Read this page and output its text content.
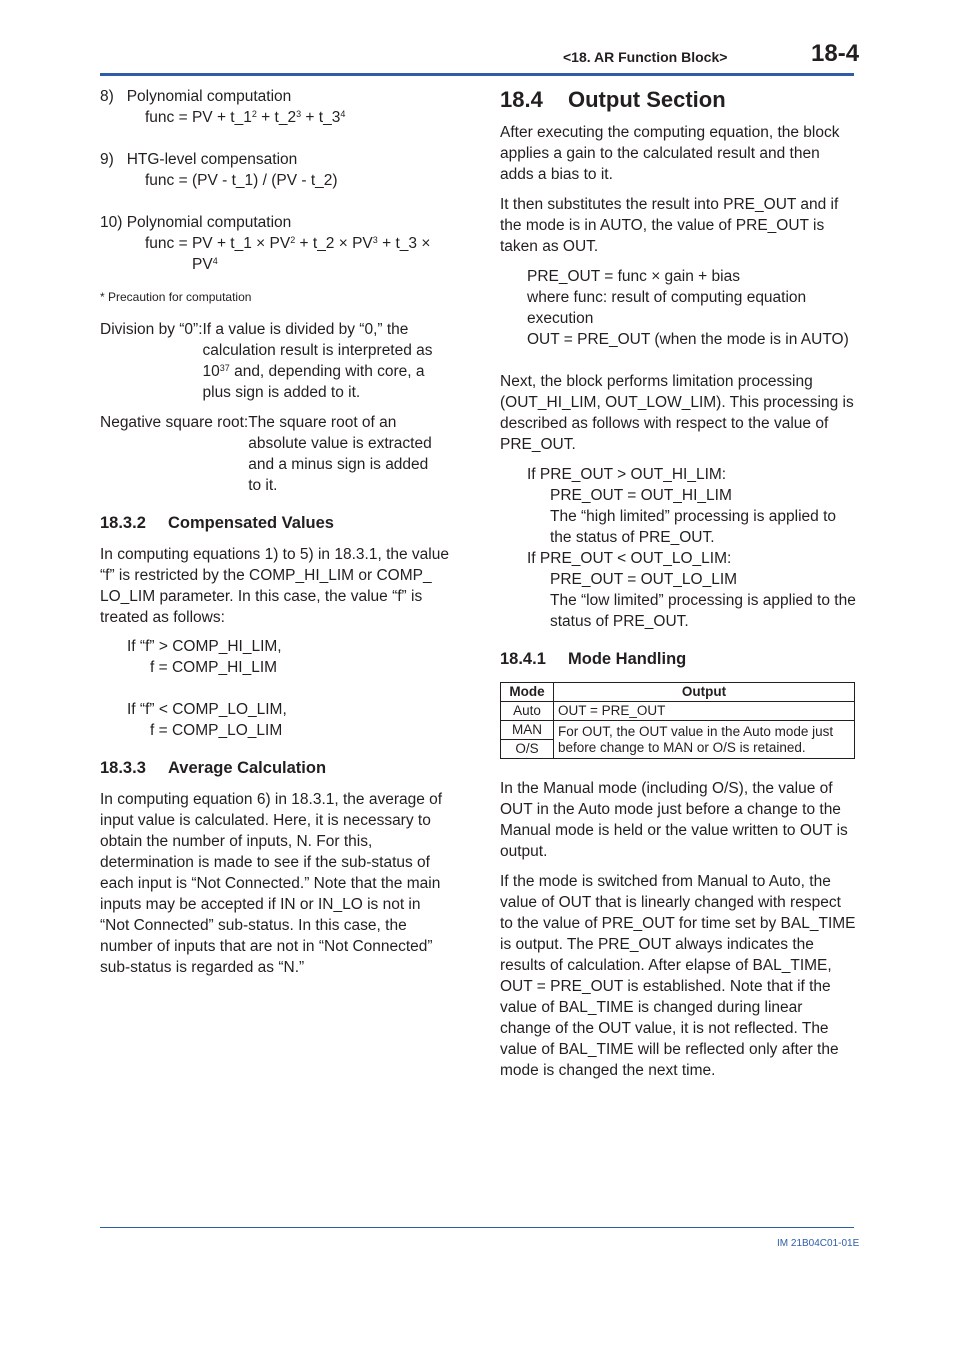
<18. AR Function Block>	18-4

8)   Polynomial computation

func = PV + $t\_1^2$ + $t\_2^3$ + $t\_3^4$

9)   HTG-level compensation

func = (PV - t_1) / (PV - t_2)

10) Polynomial computation

func = PV + t_1 × $PV^2$ + t_2 × $PV^3$ + t_3 ×

$PV^4$

* Precaution for computation

Division by “0”: If a value is divided by “0,” the calculation result is interpreted as $10^{37}$ and, depending with core, a plus sign is added to it.
Negative square root: The square root of an absolute value is extracted and a minus sign is added to it.

18.3.2 Compensated Values

In computing equations 1) to 5) in 18.3.1, the value “f” is restricted by the COMP_HI_LIM or COMP_ LO_LIM parameter. In this case, the value “f” is treated as follows:

If “f” > COMP_HI_LIM,

f = COMP_HI_LIM

If “f” < COMP_LO_LIM,

f = COMP_LO_LIM

18.3.3 Average Calculation

In computing equation 6) in 18.3.1, the average of input value is calculated. Here, it is necessary to obtain the number of inputs, N. For this, determination is made to see if the sub-status of each input is “Not Connected.” Note that the main inputs may be accepted if IN or IN_LO is not in “Not Connected” sub-status. In this case, the number of inputs that are not in “Not Connected” sub-status is regarded as “N.”

18.4 Output Section

After executing the computing equation, the block applies a gain to the calculated result and then adds a bias to it.

It then substitutes the result into PRE_OUT and if the mode is in AUTO, the value of PRE_OUT is taken as OUT.

PRE_OUT = func × gain + bias

where func: result of computing equation execution

OUT = PRE_OUT (when the mode is in AUTO)

Next, the block performs limitation processing (OUT_HI_LIM, OUT_LOW_LIM). This processing is described as follows with respect to the value of PRE_OUT.

If PRE_OUT > OUT_HI_LIM:

PRE_OUT = OUT_HI_LIM

The “high limited” processing is applied to the status of PRE_OUT.

If PRE_OUT < OUT_LO_LIM:

PRE_OUT = OUT_LO_LIM

The “low limited” processing is applied to the status of PRE_OUT.

18.4.1 Mode Handling

Mode	Output
Auto	OUT = PRE_OUT
MAN	For OUT, the OUT value in the Auto mode just before change to MAN or O/S is retained.
O/S	

In the Manual mode (including O/S), the value of OUT in the Auto mode just before a change to the Manual mode is held or the value written to OUT is output.

If the mode is switched from Manual to Auto, the value of OUT that is linearly changed with respect to the value of PRE_OUT for time set by BAL_TIME is output. The PRE_OUT always indicates the results of calculation. After elapse of BAL_TIME, OUT = PRE_OUT is established. Note that if the value of BAL_TIME is changed during linear change of the OUT value, it is not reflected. The value of BAL_TIME will be reflected only after the mode is changed the next time.

IM 21B04C01-01E
